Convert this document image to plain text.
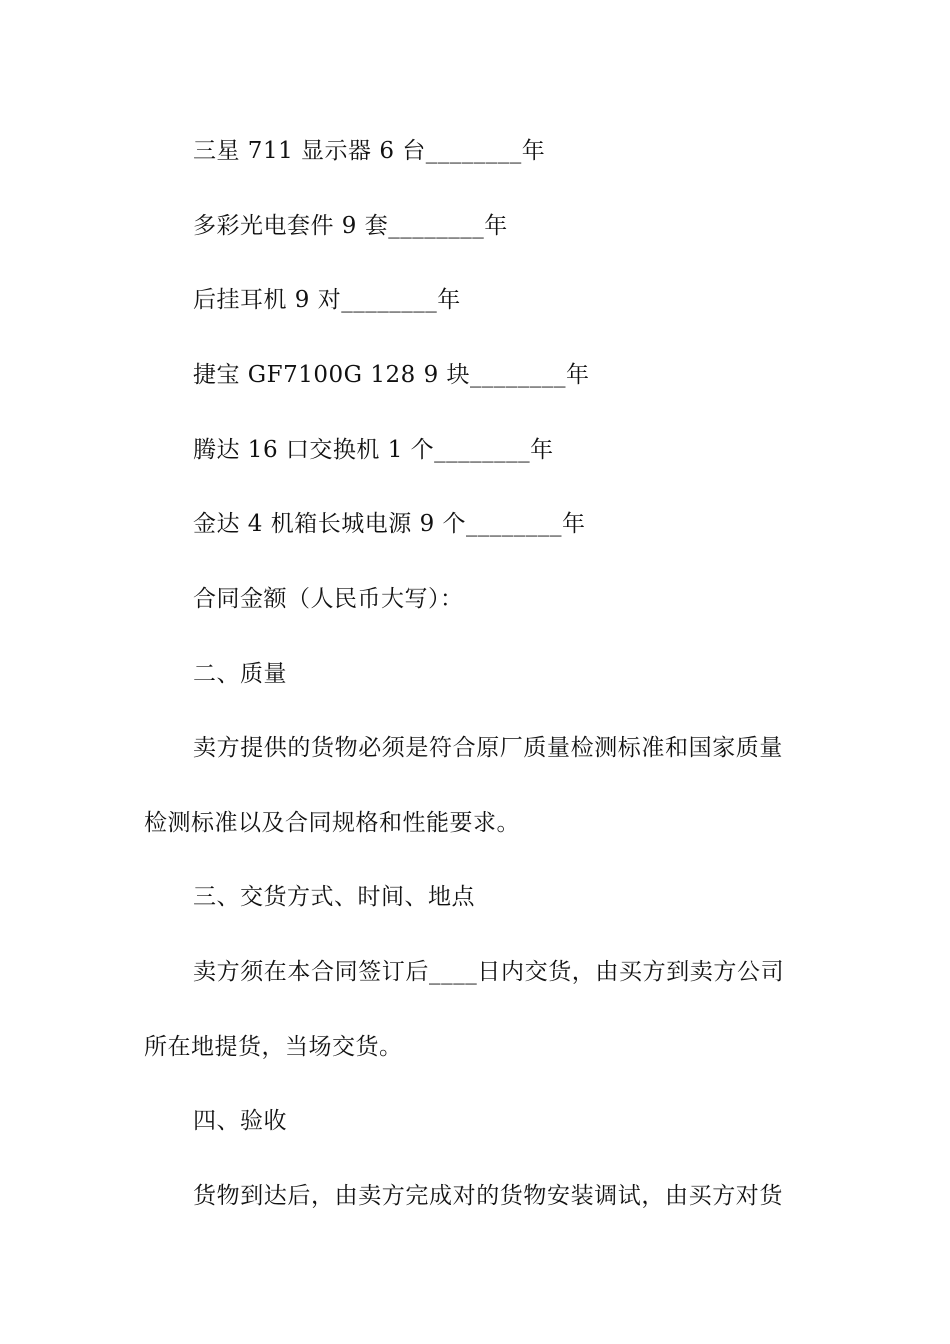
三星 711 显示器 6 台________年
多彩光电套件 9 套________年
后挂耳机 9 对________年
捷宝 GF7100G 128 9 块________年
腾达 16 口交换机 1 个________年
金达 4 机箱长城电源 9 个________年
合同金额（人民币大写）：
二、质量
卖方提供的货物必须是符合原厂质量检测标准和国家质量
检测标准以及合同规格和性能要求。
三、交货方式、时间、地点
卖方须在本合同签订后____日内交货，由买方到卖方公司
所在地提货，当场交货。
四、验收
货物到达后，由卖方完成对的货物安装调试，由买方对货
